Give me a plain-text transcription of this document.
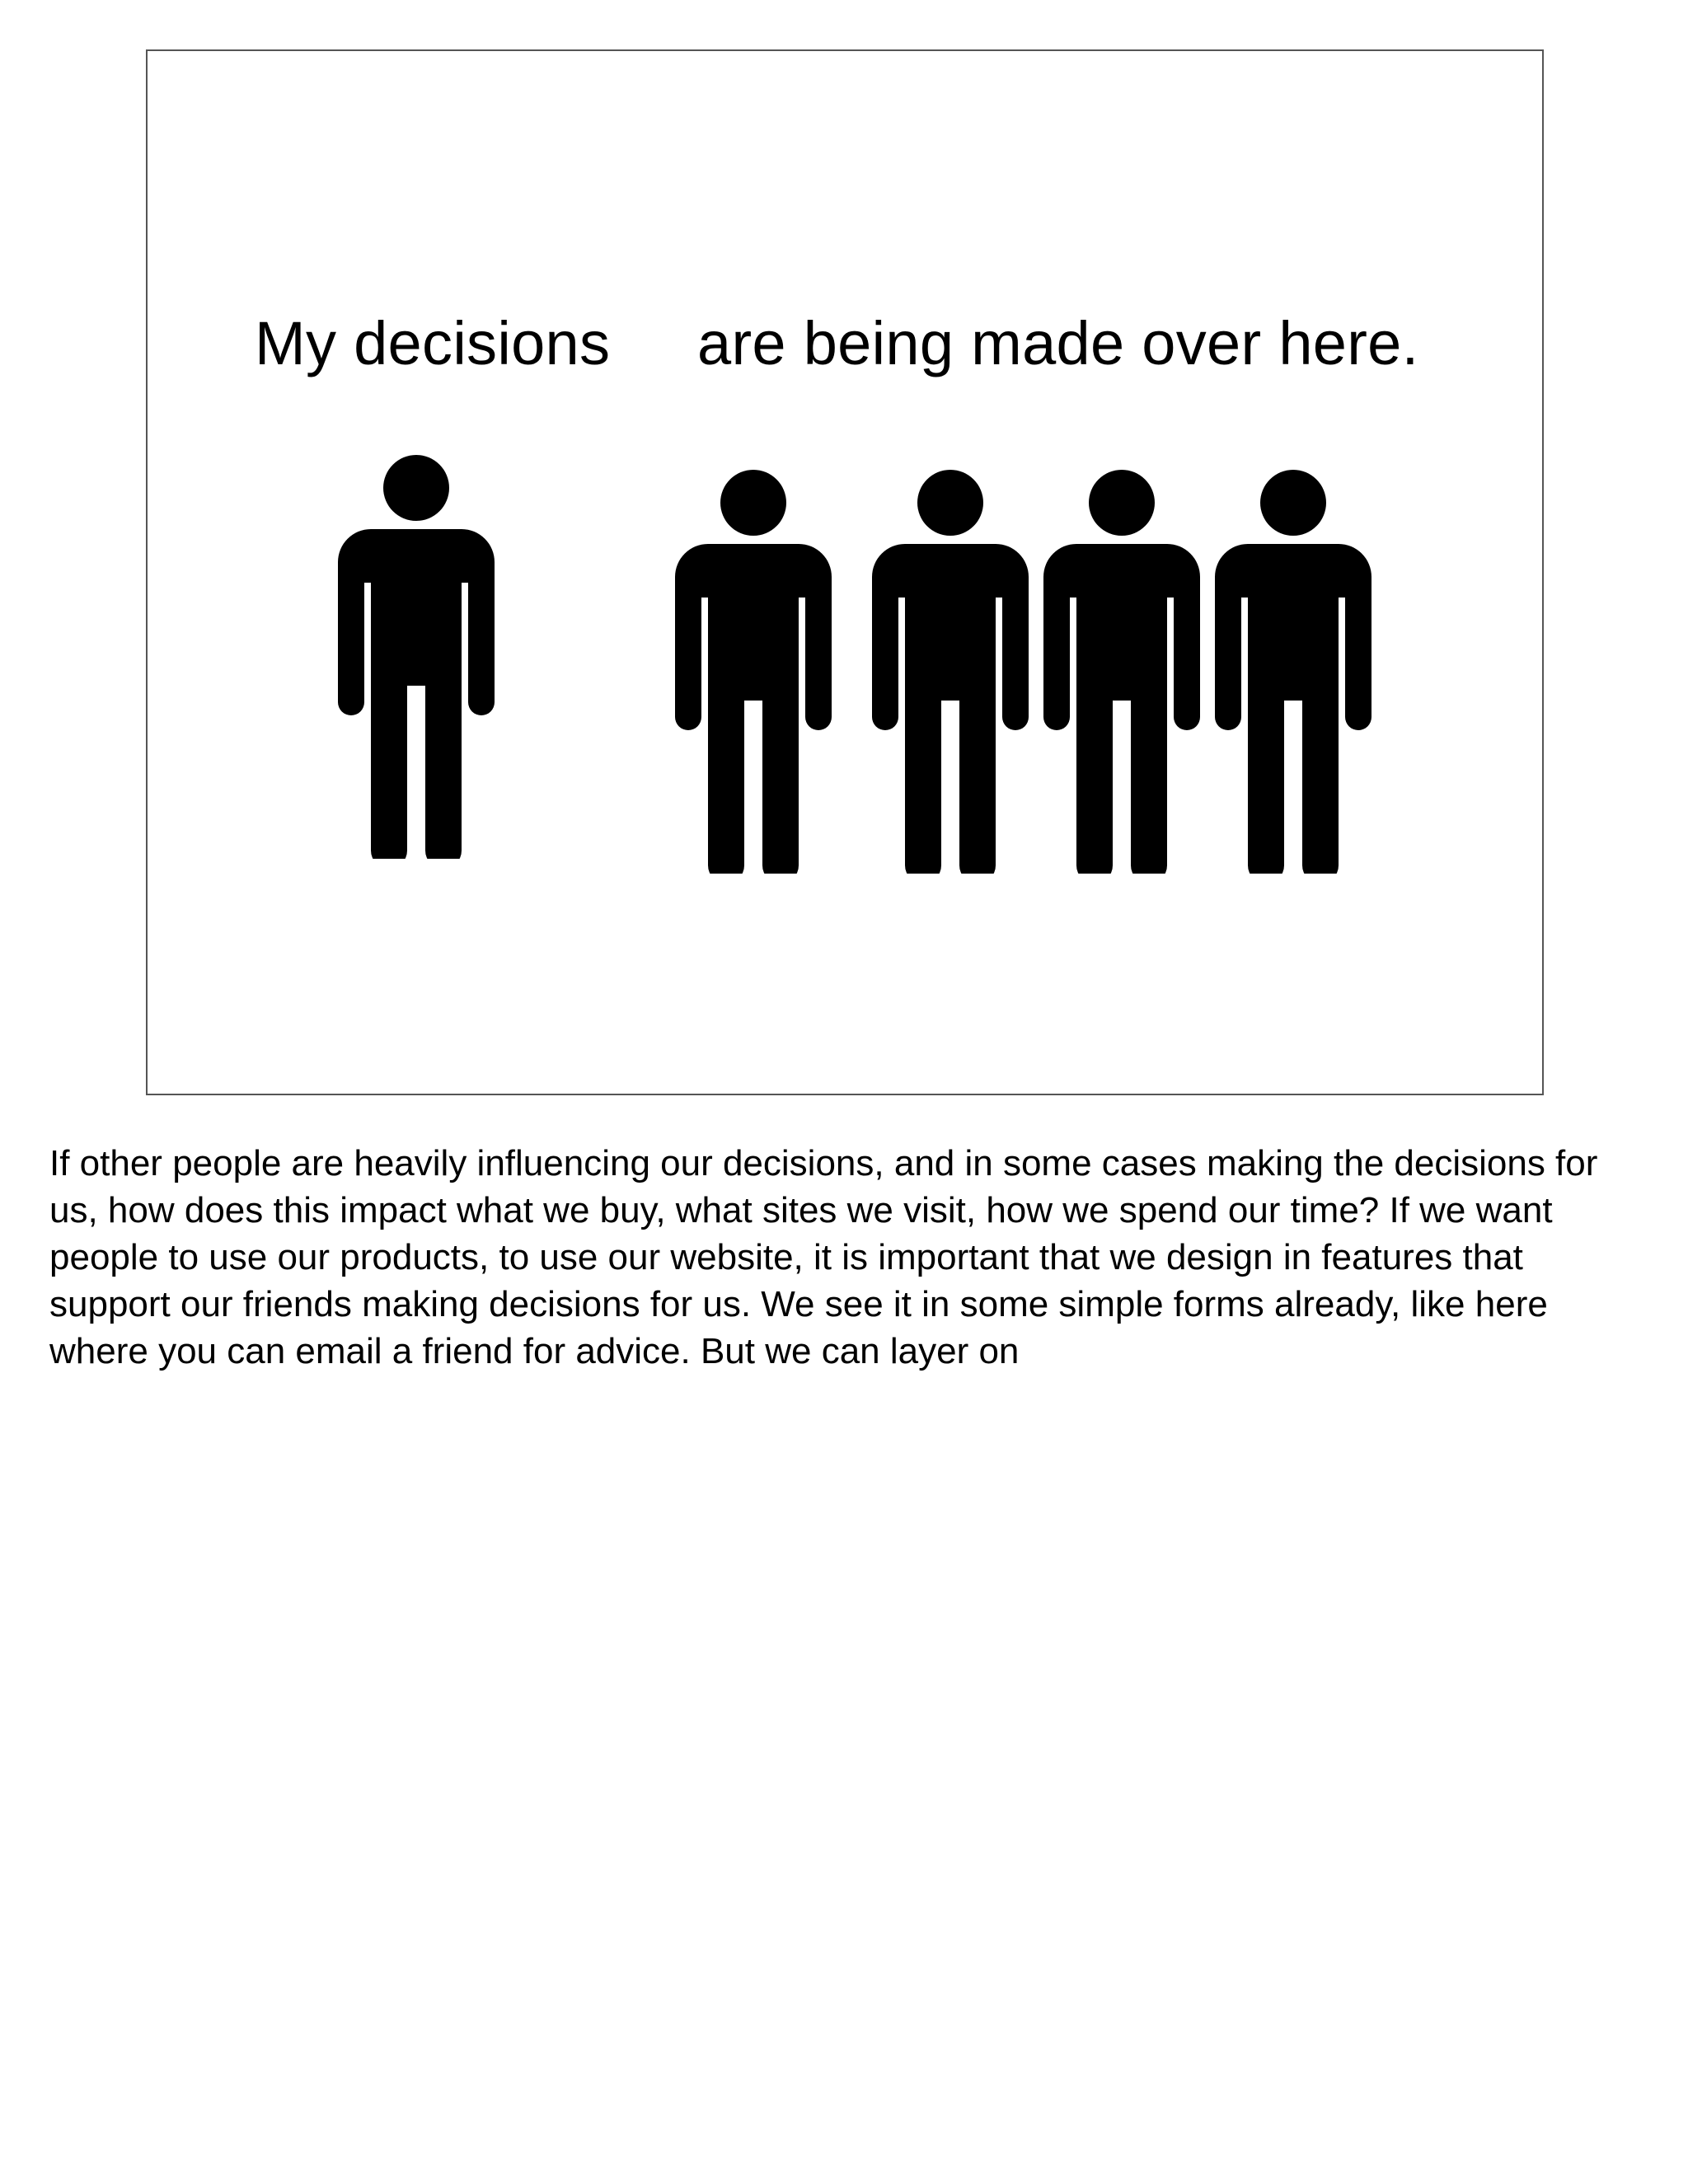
My decisions are being made over here.

If other people are heavily influencing our decisions, and in some cases making the decisions for us, how does this impact what we buy, what sites we visit, how we spend our time? If we want people to use our products, to use our website, it is important that we design in features that support our friends making decisions for us. We see it in some simple forms already, like here where you can email a friend for advice. But we can layer on
